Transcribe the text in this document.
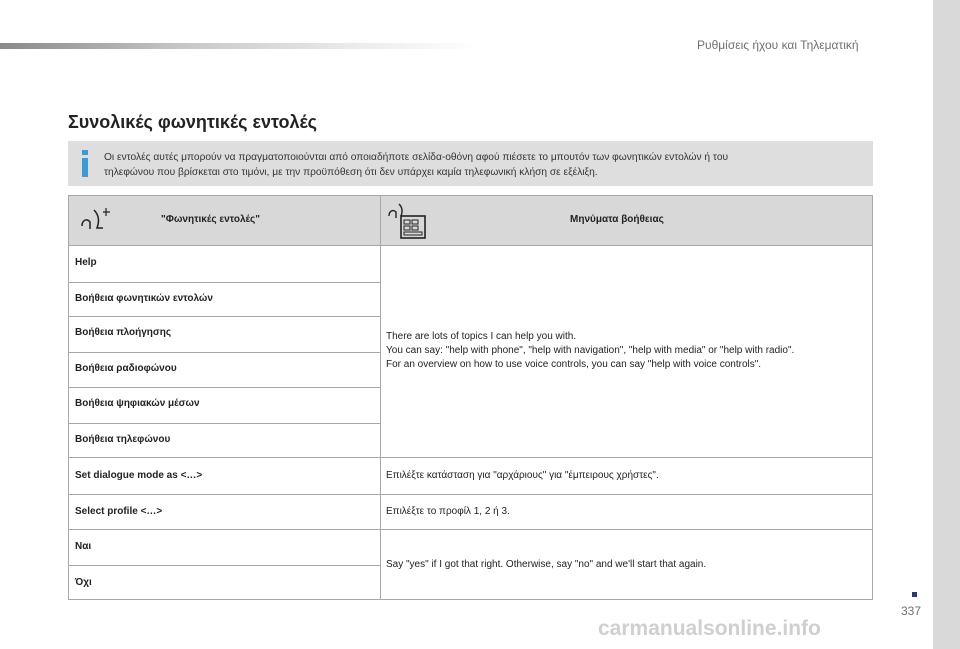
Ρυθμίσεις ήχου και Τηλεματική
Συνολικές φωνητικές εντολές
Οι εντολές αυτές μπορούν να πραγματοποιούνται από οποιαδήποτε σελίδα-οθόνη αφού πιέσετε το μπουτόν των φωνητικών εντολών ή του
τηλεφώνου που βρίσκεται στο τιμόνι, με την προϋπόθεση ότι δεν υπάρχει καμία τηλεφωνική κλήση σε εξέλιξη.
"Φωνητικές εντολές"	Μηνύματα βοήθειας
Help
Βοήθεια φωνητικών εντολών
Βοήθεια πλοήγησης
Βοήθεια ραδιοφώνου
Βοήθεια ψηφιακών μέσων
Βοήθεια τηλεφώνου
Set dialogue mode as <…>
Select profile <…>
Ναι
Όχι
There are lots of topics I can help you with.
You can say: "help with phone", "help with navigation", "help with media" or "help with radio".
For an overview on how to use voice controls, you can say "help with voice controls".
Επιλέξτε κατάσταση για "αρχάριους" για "έμπειρους χρήστες".
Επιλέξτε το προφίλ 1, 2 ή 3.
Say "yes" if I got that right. Otherwise, say "no" and we'll start that again.
337
carmanualsonline.info
